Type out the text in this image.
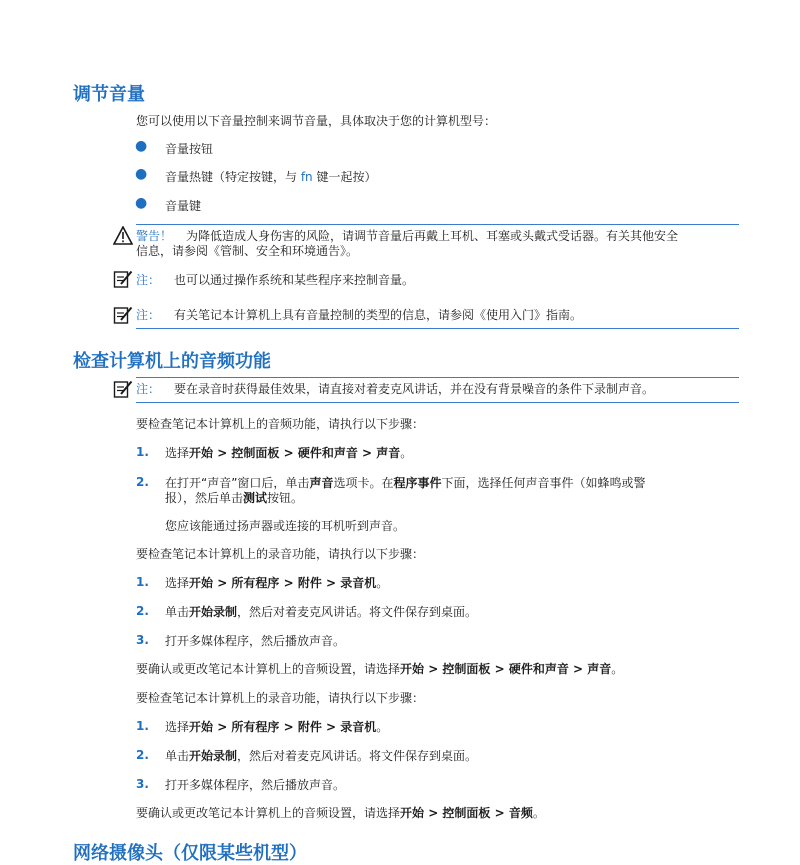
调节音量
您可以使用以下音量控制来调节音量，具体取决于您的计算机型号：
● 音量按钮
● 音量热键（特定按键，与 fn 键一起按）
● 音量键
警告！ 为降低造成人身伤害的风险，请调节音量后再戴上耳机、耳塞或头戴式受话器。有关其他安全
信息，请参阅《管制、安全和环境通告》。
注： 也可以通过操作系统和某些程序来控制音量。
注： 有关笔记本计算机上具有音量控制的类型的信息，请参阅《使用入门》指南。
检查计算机上的音频功能
注： 要在录音时获得最佳效果，请直接对着麦克风讲话，并在没有背景噪音的条件下录制声音。
要检查笔记本计算机上的音频功能，请执行以下步骤：
1. 选择开始 > 控制面板 > 硬件和声音 > 声音。
2. 在打开“声音”窗口后，单击声音选项卡。在程序事件下面，选择任何声音事件（如蜂鸣或警
报），然后单击测试按钮。
您应该能通过扬声器或连接的耳机听到声音。
要检查笔记本计算机上的录音功能，请执行以下步骤：
1. 选择开始 > 所有程序 > 附件 > 录音机。
2. 单击开始录制，然后对着麦克风讲话。将文件保存到桌面。
3. 打开多媒体程序，然后播放声音。
要确认或更改笔记本计算机上的音频设置，请选择开始 > 控制面板 > 硬件和声音 > 声音。
要检查笔记本计算机上的录音功能，请执行以下步骤：
1. 选择开始 > 所有程序 > 附件 > 录音机。
2. 单击开始录制，然后对着麦克风讲话。将文件保存到桌面。
3. 打开多媒体程序，然后播放声音。
要确认或更改笔记本计算机上的音频设置，请选择开始 > 控制面板 > 音频。
网络摄像头（仅限某些机型）
